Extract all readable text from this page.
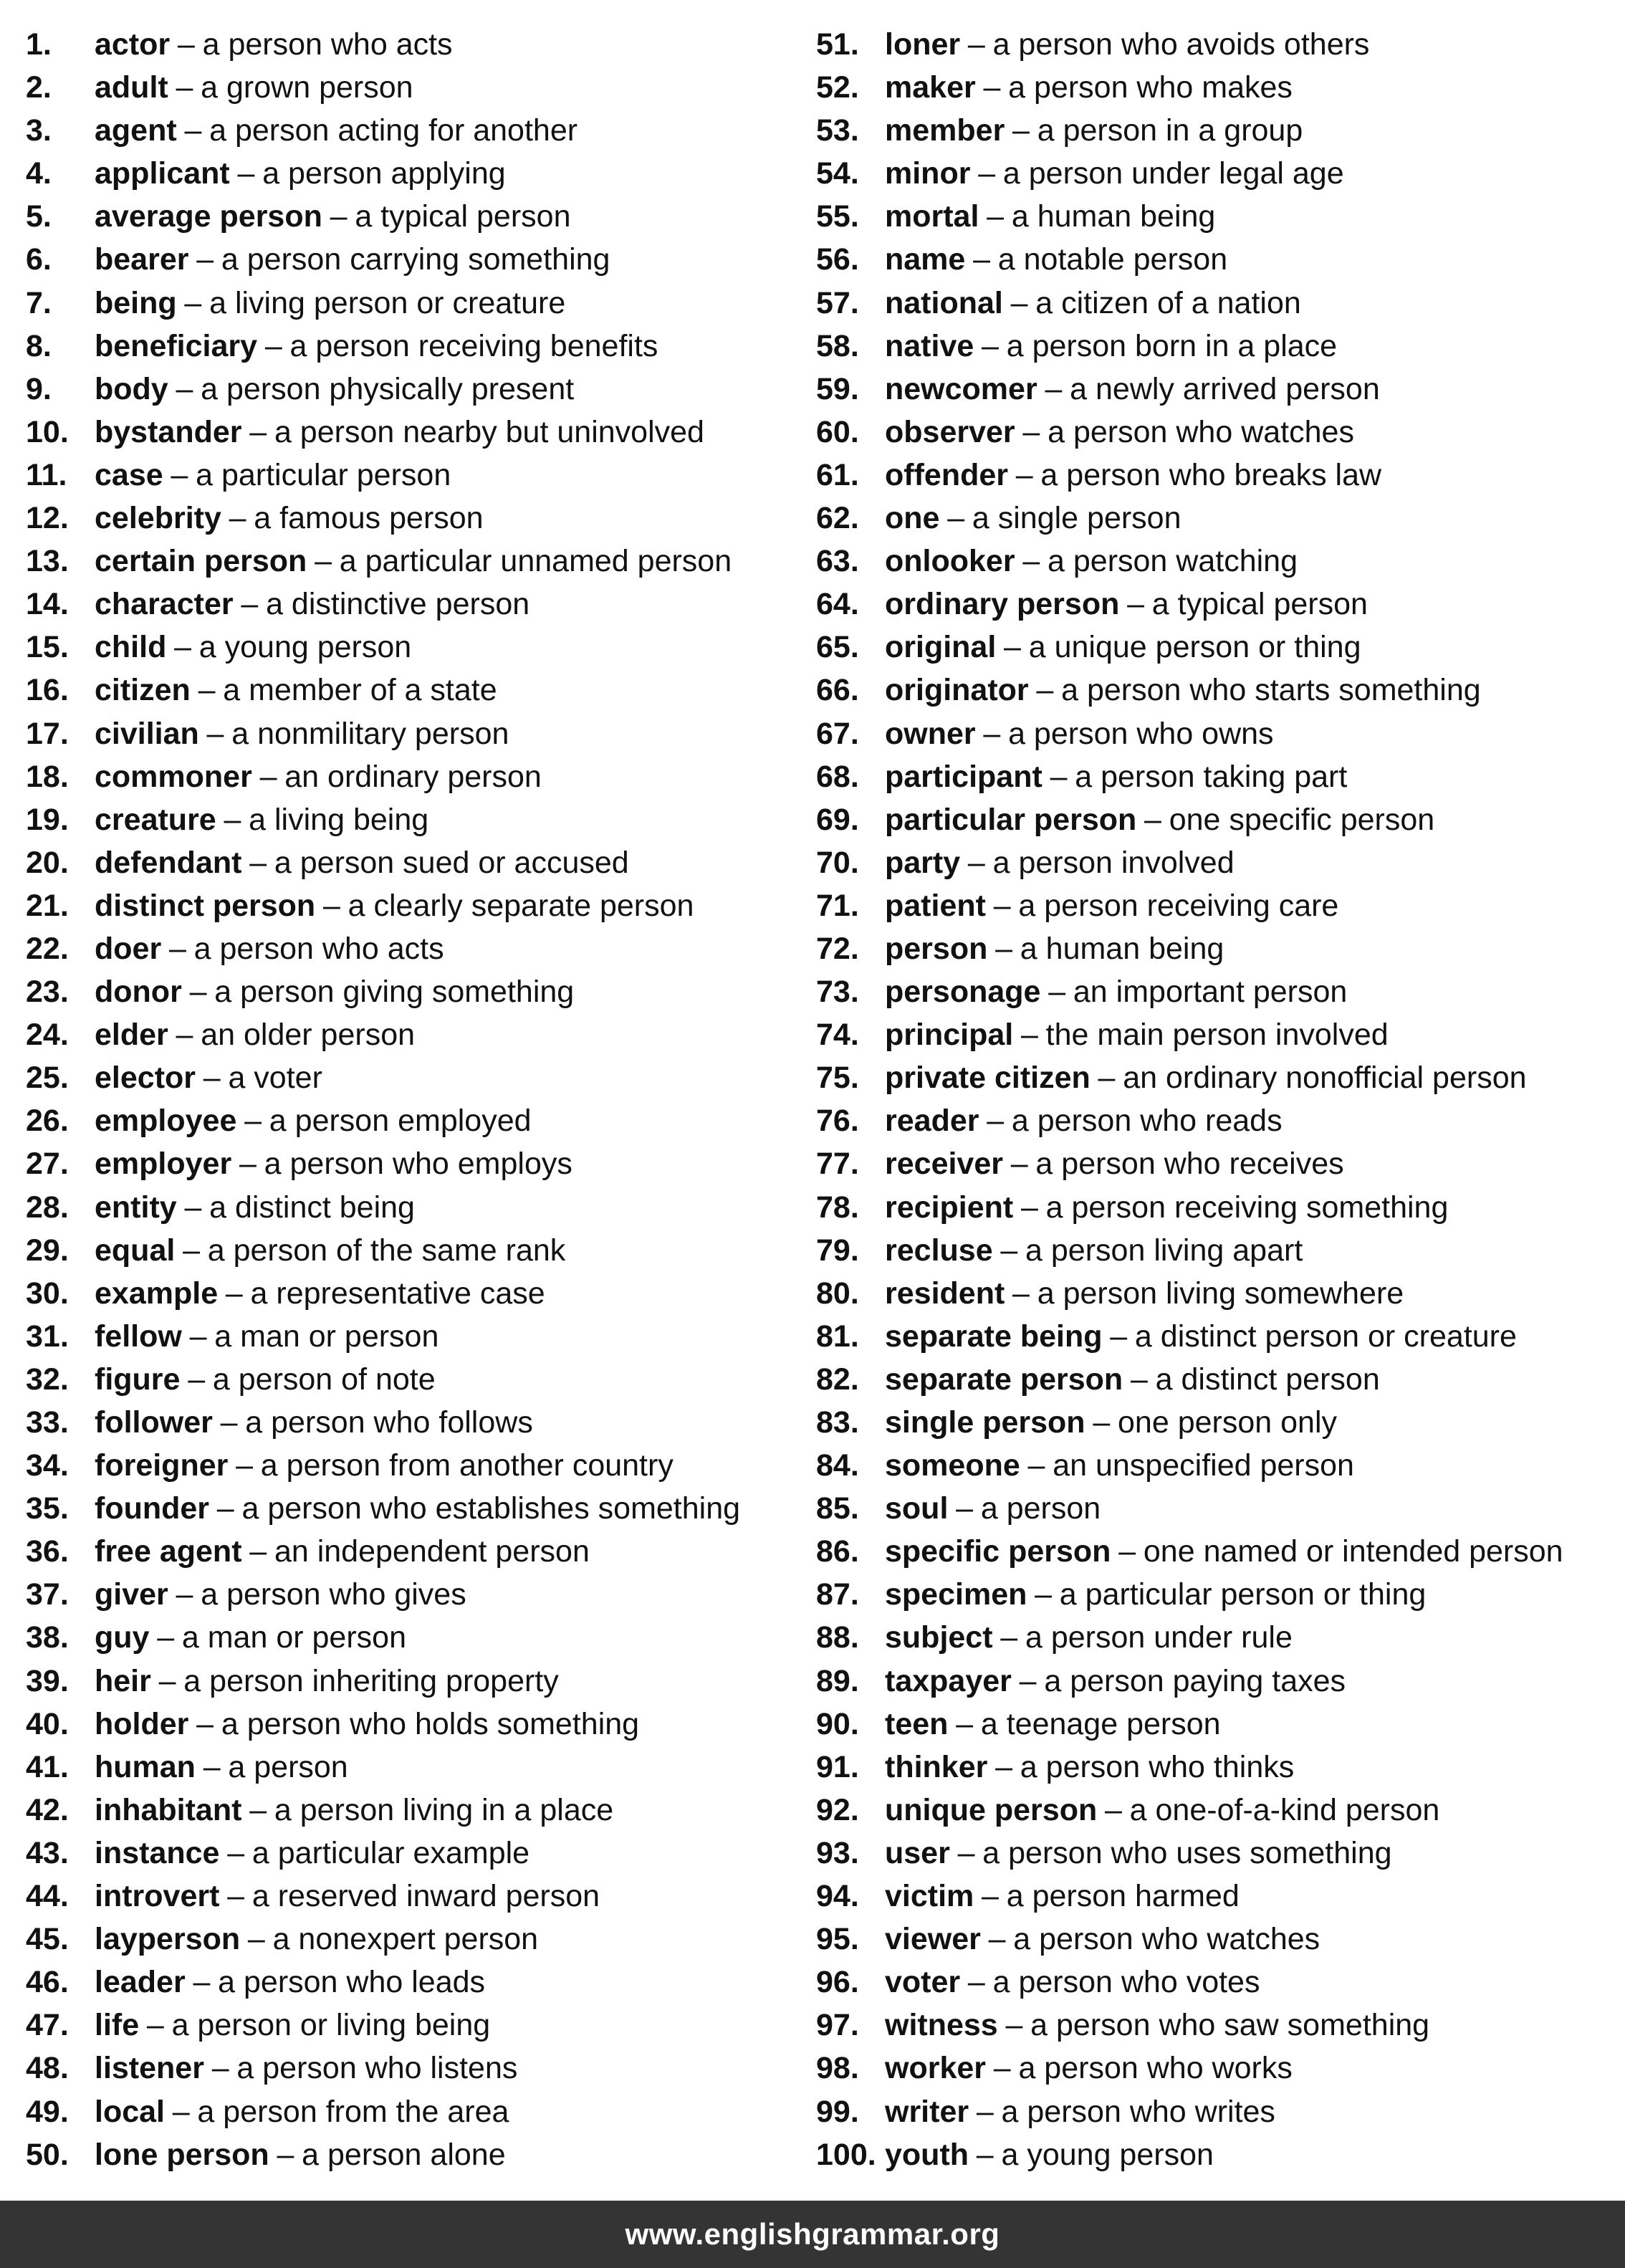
1.	actor – a person who acts
2.	adult – a grown person
3.	agent – a person acting for another
4.	applicant – a person applying
5.	average person – a typical person
6.	bearer – a person carrying something
7.	being – a living person or creature
8.	beneficiary – a person receiving benefits
9.	body – a person physically present
10. bystander – a person nearby but uninvolved
11. case – a particular person
12. celebrity – a famous person
13. certain person – a particular unnamed person
14. character – a distinctive person
15. child – a young person
16. citizen – a member of a state
17. civilian – a nonmilitary person
18. commoner – an ordinary person
19. creature – a living being
20. defendant – a person sued or accused
21. distinct person – a clearly separate person
22. doer – a person who acts
23. donor – a person giving something
24. elder – an older person
25. elector – a voter
26. employee – a person employed
27. employer – a person who employs
28. entity – a distinct being
29. equal – a person of the same rank
30. example – a representative case
31. fellow – a man or person
32. figure – a person of note
33. follower – a person who follows
34. foreigner – a person from another country
35. founder – a person who establishes something
36. free agent – an independent person
37. giver – a person who gives
38. guy – a man or person
39. heir – a person inheriting property
40. holder – a person who holds something
41. human – a person
42. inhabitant – a person living in a place
43. instance – a particular example
44. introvert – a reserved inward person
45. layperson – a nonexpert person
46. leader – a person who leads
47. life – a person or living being
48. listener – a person who listens
49. local – a person from the area
50. lone person – a person alone
51. loner – a person who avoids others
52. maker – a person who makes
53. member – a person in a group
54. minor – a person under legal age
55. mortal – a human being
56. name – a notable person
57. national – a citizen of a nation
58. native – a person born in a place
59. newcomer – a newly arrived person
60. observer – a person who watches
61. offender – a person who breaks law
62. one – a single person
63. onlooker – a person watching
64. ordinary person – a typical person
65. original – a unique person or thing
66. originator – a person who starts something
67. owner – a person who owns
68. participant – a person taking part
69. particular person – one specific person
70. party – a person involved
71. patient – a person receiving care
72. person – a human being
73. personage – an important person
74. principal – the main person involved
75. private citizen – an ordinary nonofficial person
76. reader – a person who reads
77. receiver – a person who receives
78. recipient – a person receiving something
79. recluse – a person living apart
80. resident – a person living somewhere
81. separate being – a distinct person or creature
82. separate person – a distinct person
83. single person – one person only
84. someone – an unspecified person
85. soul – a person
86. specific person – one named or intended person
87. specimen – a particular person or thing
88. subject – a person under rule
89. taxpayer – a person paying taxes
90. teen – a teenage person
91. thinker – a person who thinks
92. unique person – a one-of-a-kind person
93. user – a person who uses something
94. victim – a person harmed
95. viewer – a person who watches
96. voter – a person who votes
97. witness – a person who saw something
98. worker – a person who works
99. writer – a person who writes
100. youth – a young person
www.englishgrammar.org
